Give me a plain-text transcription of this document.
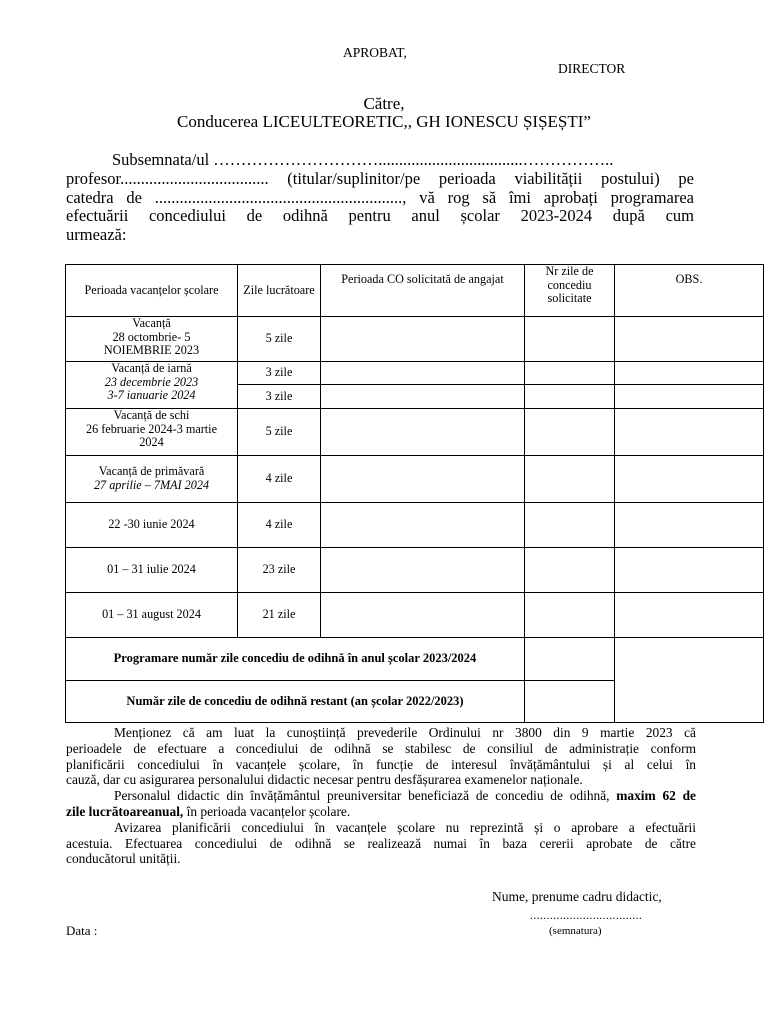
APROBAT,
DIRECTOR
Către,
Conducerea LICEULTEORETIC,, GH IONESCU ȘIȘEȘTI”
Subsemnata/ul …………………………...................................……………..
profesor.................................... (titular/suplinitor/pe perioada viabilității postului) pe
catedra de ............................................................, vă rog să îmi aprobați programarea
efectuării concediului de odihnă pentru anul școlar 2023-2024 după cum
urmează:
Perioada vacanțelor școlare	Zile lucrătoare	Perioada CO solicitată de angajat	Nr zile de concediu solicitate	OBS.

Vacanță
28 octombrie- 5
NOIEMBRIE 2023	5 zile			

Vacanță de iarnă
23 decembrie 2023
3-7 ianuarie 2024	3 zile			
	3 zile			

Vacanță de schi
26 februarie 2024-3 martie
2024	5 zile			

Vacanță de primăvară
27 aprilie – 7MAI 2024	4 zile			
22 -30 iunie 2024	4 zile			
01 – 31 iulie 2024	23 zile			
01 – 31 august 2024	21 zile			
Programare număr zile concediu de odihnă în anul școlar 2023/2024				
Număr zile de concediu de odihnă restant (an școlar 2022/2023)				
Menționez că am luat la cunoștiință prevederile Ordinului nr 3800 din 9 martie 2023 că
perioadele de efectuare a concediului de odihnă se stabilesc de consiliul de administrație conform
planificării concediului în vacanțele școlare, în funcție de interesul învățământului și al celui în
cauză, dar cu asigurarea personalului didactic necesar pentru desfășurarea examenelor naționale.
Personalul didactic din învățământul preuniversitar beneficiază de concediu de odihnă, maxim 62 de
zile lucrătoareanual, în perioada vacanțelor școlare.
Avizarea planificării concediului în vacanțele școlare nu reprezintă și o aprobare a efectuării
acestuia. Efectuarea concediului de odihnă se realizează numai în baza cererii aprobate de către
conducătorul unității.
Nume, prenume cadru didactic,
..................................
Data :	(semnatura)
